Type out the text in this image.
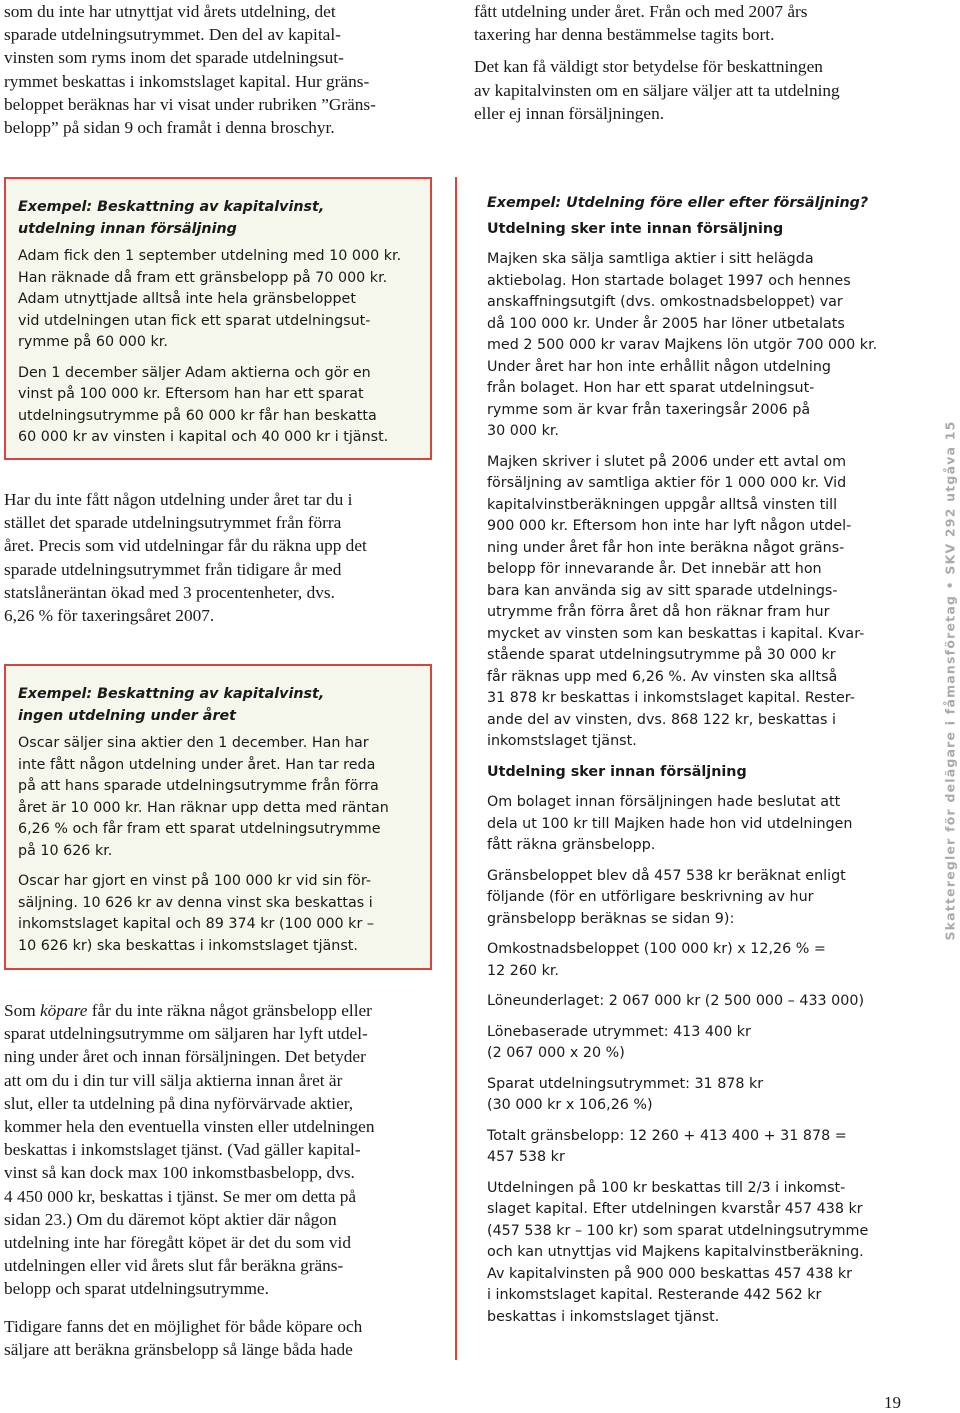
som du inte har utnyttjat vid årets utdelning, det
sparade utdelningsutrymmet. Den del av kapital-
vinsten som ryms inom det sparade utdelningsut-
rymmet beskattas i inkomstslaget kapital. Hur gräns-
beloppet beräknas har vi visat under rubriken ”Gräns-
belopp” på sidan 9 och framåt i denna broschyr.

Exempel: Beskattning av kapitalvinst,
utdelning innan försäljning

Adam fick den 1 september utdelning med 10 000 kr.
Han räknade då fram ett gränsbelopp på 70 000 kr.
Adam utnyttjade alltså inte hela gränsbeloppet
vid utdelningen utan fick ett sparat utdelningsut-
rymme på 60 000 kr.

Den 1 december säljer Adam aktierna och gör en
vinst på 100 000 kr. Eftersom han har ett sparat
utdelningsutrymme på 60 000 kr får han beskatta
60 000 kr av vinsten i kapital och 40 000 kr i tjänst.

Har du inte fått någon utdelning under året tar du i
stället det sparade utdelningsutrymmet från förra
året. Precis som vid utdelningar får du räkna upp det
sparade utdelningsutrymmet från tidigare år med
statslåneräntan ökad med 3 procentenheter, dvs.
6,26 % för taxeringsåret 2007.

Exempel: Beskattning av kapitalvinst,
ingen utdelning under året

Oscar säljer sina aktier den 1 december. Han har
inte fått någon utdelning under året. Han tar reda
på att hans sparade utdelningsutrymme från förra
året är 10 000 kr. Han räknar upp detta med räntan
6,26 % och får fram ett sparat utdelningsutrymme
på 10 626 kr.

Oscar har gjort en vinst på 100 000 kr vid sin för-
säljning. 10 626 kr av denna vinst ska beskattas i
inkomstslaget kapital och 89 374 kr (100 000 kr –
10 626 kr) ska beskattas i inkomstslaget tjänst.

Som köpare får du inte räkna något gränsbelopp eller
sparat utdelningsutrymme om säljaren har lyft utdel-
ning under året och innan försäljningen. Det betyder
att om du i din tur vill sälja aktierna innan året är
slut, eller ta utdelning på dina nyförvärvade aktier,
kommer hela den eventuella vinsten eller utdelningen
beskattas i inkomstslaget tjänst. (Vad gäller kapital-
vinst så kan dock max 100 inkomstbasbelopp, dvs.
4 450 000 kr, beskattas i tjänst. Se mer om detta på
sidan 23.) Om du däremot köpt aktier där någon
utdelning inte har föregått köpet är det du som vid
utdelningen eller vid årets slut får beräkna gräns-
belopp och sparat utdelningsutrymme.

Tidigare fanns det en möjlighet för både köpare och
säljare att beräkna gränsbelopp så länge båda hade

fått utdelning under året. Från och med 2007 års
taxering har denna bestämmelse tagits bort.

Det kan få väldigt stor betydelse för beskattningen
av kapitalvinsten om en säljare väljer att ta utdelning
eller ej innan försäljningen.

Exempel: Utdelning före eller efter försäljning?

Utdelning sker inte innan försäljning

Majken ska sälja samtliga aktier i sitt helägda
aktiebolag. Hon startade bolaget 1997 och hennes
anskaffningsutgift (dvs. omkostnadsbeloppet) var
då 100 000 kr. Under år 2005 har löner utbetalats
med 2 500 000 kr varav Majkens lön utgör 700 000 kr.
Under året har hon inte erhållit någon utdelning
från bolaget. Hon har ett sparat utdelningsut-
rymme som är kvar från taxeringsår 2006 på
30 000 kr.

Majken skriver i slutet på 2006 under ett avtal om
försäljning av samtliga aktier för 1 000 000 kr. Vid
kapitalvinstberäkningen uppgår alltså vinsten till
900 000 kr. Eftersom hon inte har lyft någon utdel-
ning under året får hon inte beräkna något gräns-
belopp för innevarande år. Det innebär att hon
bara kan använda sig av sitt sparade utdelnings-
utrymme från förra året då hon räknar fram hur
mycket av vinsten som kan beskattas i kapital. Kvar-
stående sparat utdelningsutrymme på 30 000 kr
får räknas upp med 6,26 %. Av vinsten ska alltså
31 878 kr beskattas i inkomstslaget kapital. Rester-
ande del av vinsten, dvs. 868 122 kr, beskattas i
inkomstslaget tjänst.

Utdelning sker innan försäljning

Om bolaget innan försäljningen hade beslutat att
dela ut 100 kr till Majken hade hon vid utdelningen
fått räkna gränsbelopp.

Gränsbeloppet blev då 457 538 kr beräknat enligt
följande (för en utförligare beskrivning av hur
gränsbelopp beräknas se sidan 9):

Omkostnadsbeloppet (100 000 kr) x 12,26 % =
12 260 kr.

Löneunderlaget: 2 067 000 kr (2 500 000 – 433 000)

Lönebaserade utrymmet: 413 400 kr
(2 067 000 x 20 %)

Sparat utdelningsutrymmet: 31 878 kr
(30 000 kr x 106,26 %)

Totalt gränsbelopp: 12 260 + 413 400 + 31 878 =
457 538 kr

Utdelningen på 100 kr beskattas till 2/3 i inkomst-
slaget kapital. Efter utdelningen kvarstår 457 438 kr
(457 538 kr – 100 kr) som sparat utdelningsutrymme
och kan utnyttjas vid Majkens kapitalvinstberäkning.
Av kapitalvinsten på 900 000 beskattas 457 438 kr
i inkomstslaget kapital. Resterande 442 562 kr
beskattas i inkomstslaget tjänst.

Skatteregler för delägare i fåmansföretag • SKV 292 utgåva 15
19
